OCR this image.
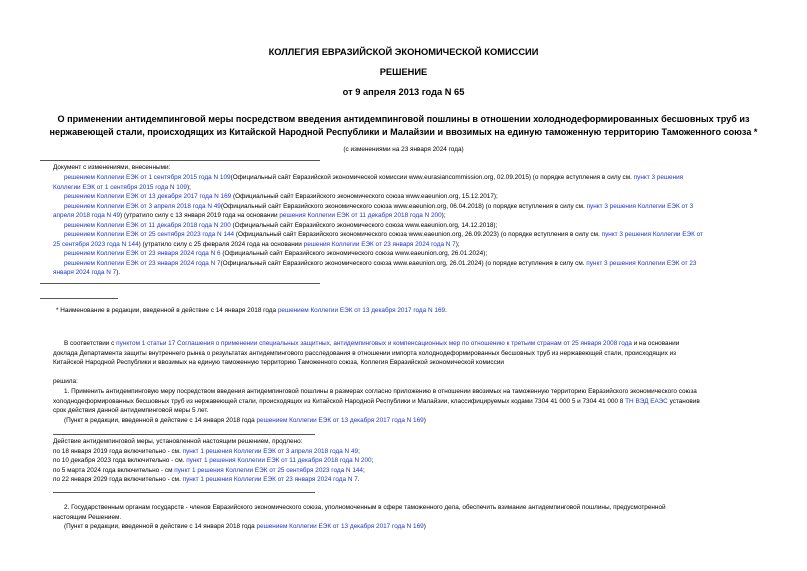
КОЛЛЕГИЯ ЕВРАЗИЙСКОЙ ЭКОНОМИЧЕСКОЙ КОМИССИИ
РЕШЕНИЕ
от 9 апреля 2013 года N 65
О применении антидемпинговой меры посредством введения антидемпинговой пошлины в отношении холоднодеформированных бесшовных труб из
нержавеющей стали, происходящих из Китайской Народной Республики и Малайзии и ввозимых на единую таможенную территорию Таможенного союза *
(с изменениями на 23 января 2024 года)
Документ с изменениями, внесенными:
решением Коллегии ЕЭК от 1 сентября 2015 года N 109(Официальный сайт Евразийской экономической комиссии www.eurasiancommission.org, 02.09.2015) (о порядке вступления в силу см. пункт 3 решения
Коллегии ЕЭК от 1 сентября 2015 года N 109);
решением Коллегии ЕЭК от 13 декабря 2017 года N 169 (Официальный сайт Евразийского экономического союза www.eaeunion.org, 15.12.2017);
решением Коллегии ЕЭК от 3 апреля 2018 года N 49(Официальный сайт Евразийского экономического союза www.eaeunion.org, 06.04.2018) (о порядке вступления в силу см. пункт 3 решения Коллегии ЕЭК от 3
апреля 2018 года N 49) (утратило силу с 13 января 2019 года на основании решения Коллегии ЕЭК от 11 декабря 2018 года N 200);
решением Коллегии ЕЭК от 11 декабря 2018 года N 200 (Официальный сайт Евразийского экономического союза www.eaeunion.org, 14.12.2018);
решением Коллегии ЕЭК от 25 сентября 2023 года N 144 (Официальный сайт Евразийского экономического союза www.eaeunion.org, 26.09.2023) (о порядке вступления в силу см. пункт 3 решения Коллегии ЕЭК от
25 сентября 2023 года N 144) (утратило силу с 25 февраля 2024 года на основании решения Коллегии ЕЭК от 23 января 2024 года N 7);
решением Коллегии ЕЭК от 23 января 2024 года N 6 (Официальный сайт Евразийского экономического союза www.eaeunion.org, 26.01.2024);
решением Коллегии ЕЭК от 23 января 2024 года N 7(Официальный сайт Евразийского экономического союза www.eaeunion.org, 26.01.2024) (о порядке вступления в силу см. пункт 3 решения Коллегии ЕЭК от 23
января 2024 года N 7).
* Наименование в редакции, введенной в действие с 14 января 2018 года решением Коллегии ЕЭК от 13 декабря 2017 года N 169.
В соответствии с пунктом 1 статьи 17 Соглашения о применении специальных защитных, антидемпинговых и компенсационных мер по отношению к третьим странам от 25 января 2008 года и на основании
доклада Департамента защиты внутреннего рынка о результатах антидемпингового расследования в отношении импорта холоднодеформированных бесшовных труб из нержавеющей стали, происходящих из
Китайской Народной Республики и ввозимых на единую таможенную территорию Таможенного союза, Коллегия Евразийской экономической комиссии
решила:
1. Применить антидемпинговую меру посредством введения антидемпинговой пошлины в размерах согласно приложению в отношении ввозимых на таможенную территорию Евразийского экономического союза
холоднодеформированных бесшовных труб из нержавеющей стали, происходящих из Китайской Народной Республики и Малайзии, классифицируемых кодами 7304 41 000 5 и 7304 41 000 8 ТН ВЭД ЕАЭС установив
срок действия данной антидемпинговой меры 5 лет.
(Пункт в редакции, введенной в действие с 14 января 2018 года решением Коллегии ЕЭК от 13 декабря 2017 года N 169)
Действие антидемпинговой меры, установленной настоящим решением, продлено:
по 18 января 2019 года включительно - см. пункт 1 решения Коллегии ЕЭК от 3 апреля 2018 года N 49;
по 10 декабря 2023 года включительно - см. пункт 1 решения Коллегии ЕЭК от 11 декабря 2018 года N 200;
по 5 марта 2024 года включительно - см пункт 1 решения Коллегии ЕЭК от 25 сентября 2023 года N 144;
по 22 января 2029 года включительно - см. пункт 1 решения Коллегии ЕЭК от 23 января 2024 года N 7.
2. Государственным органам государств - членов Евразийского экономического союза, уполномоченным в сфере таможенного дела, обеспечить взимание антидемпинговой пошлины, предусмотренной
настоящим Решением.
(Пункт в редакции, введенной в действие с 14 января 2018 года решением Коллегии ЕЭК от 13 декабря 2017 года N 169)
